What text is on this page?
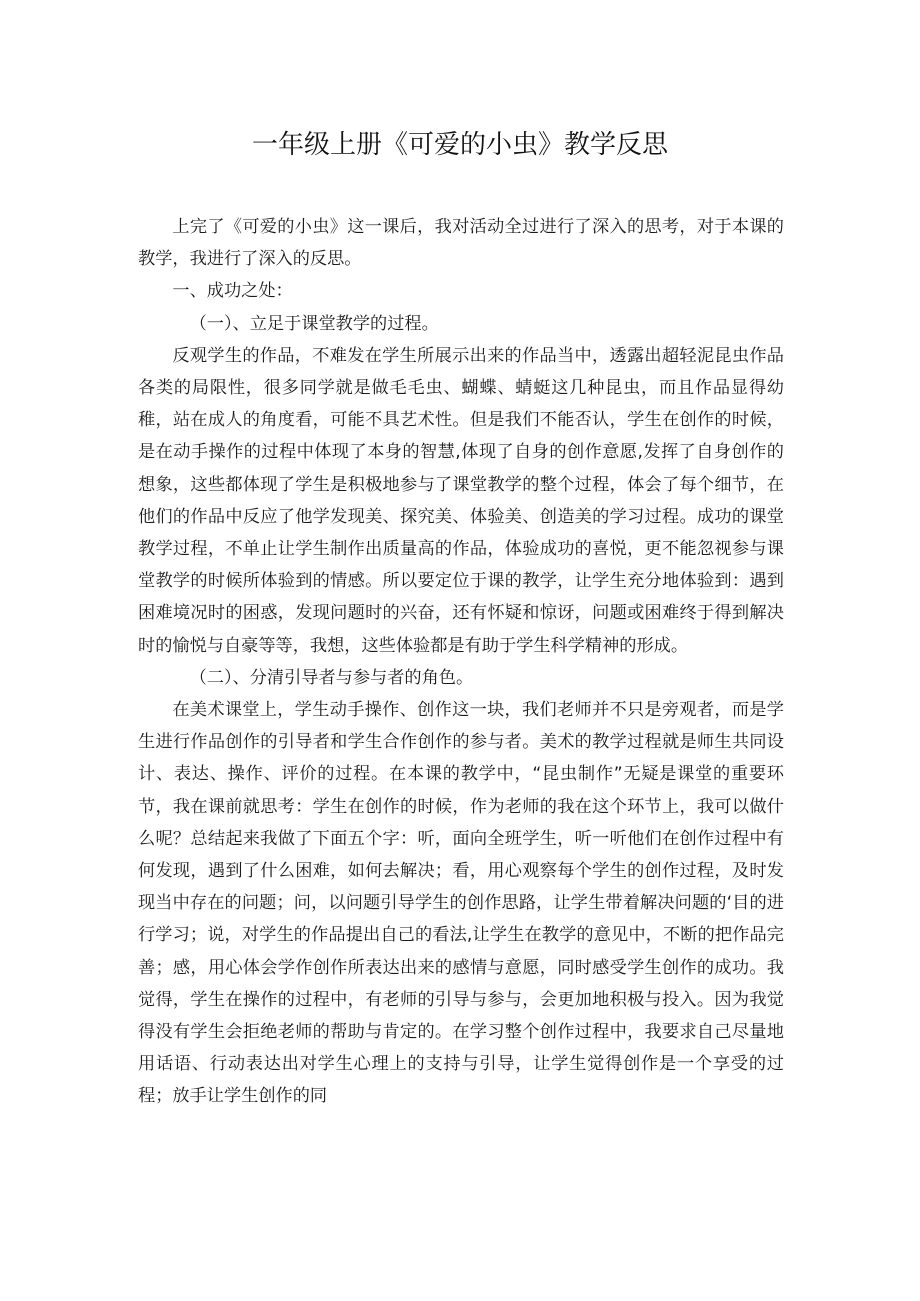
一年级上册《可爱的小虫》教学反思

上完了《可爱的小虫》这一课后，我对活动全过进行了深入的思考，对于本课的教学，我进行了深入的反思。

一、成功之处：

（一）、立足于课堂教学的过程。

反观学生的作品，不难发在学生所展示出来的作品当中，透露出超轻泥昆虫作品各类的局限性，很多同学就是做毛毛虫、蝴蝶、蜻蜓这几种昆虫，而且作品显得幼稚，站在成人的角度看，可能不具艺术性。但是我们不能否认，学生在创作的时候，是在动手操作的过程中体现了本身的智慧,体现了自身的创作意愿,发挥了自身创作的想象，这些都体现了学生是积极地参与了课堂教学的整个过程，体会了每个细节，在他们的作品中反应了他学发现美、探究美、体验美、创造美的学习过程。成功的课堂教学过程，不单止让学生制作出质量高的作品，体验成功的喜悦，更不能忽视参与课堂教学的时候所体验到的情感。所以要定位于课的教学，让学生充分地体验到：遇到困难境况时的困惑，发现问题时的兴奋，还有怀疑和惊讶，问题或困难终于得到解决时的愉悦与自豪等等，我想，这些体验都是有助于学生科学精神的形成。

（二）、分清引导者与参与者的角色。

在美术课堂上，学生动手操作、创作这一块，我们老师并不只是旁观者，而是学生进行作品创作的引导者和学生合作创作的参与者。美术的教学过程就是师生共同设计、表达、操作、评价的过程。在本课的教学中，“昆虫制作”无疑是课堂的重要环节，我在课前就思考：学生在创作的时候，作为老师的我在这个环节上，我可以做什么呢？总结起来我做了下面五个字：听，面向全班学生，听一听他们在创作过程中有何发现，遇到了什么困难，如何去解决；看，用心观察每个学生的创作过程，及时发现当中存在的问题；问，以问题引导学生的创作思路，让学生带着解决问题的‘目的进行学习；说，对学生的作品提出自己的看法,让学生在教学的意见中，不断的把作品完善；感，用心体会学作创作所表达出来的感情与意愿，同时感受学生创作的成功。我觉得，学生在操作的过程中，有老师的引导与参与，会更加地积极与投入。因为我觉得没有学生会拒绝老师的帮助与肯定的。在学习整个创作过程中，我要求自己尽量地用话语、行动表达出对学生心理上的支持与引导，让学生觉得创作是一个享受的过程；放手让学生创作的同
